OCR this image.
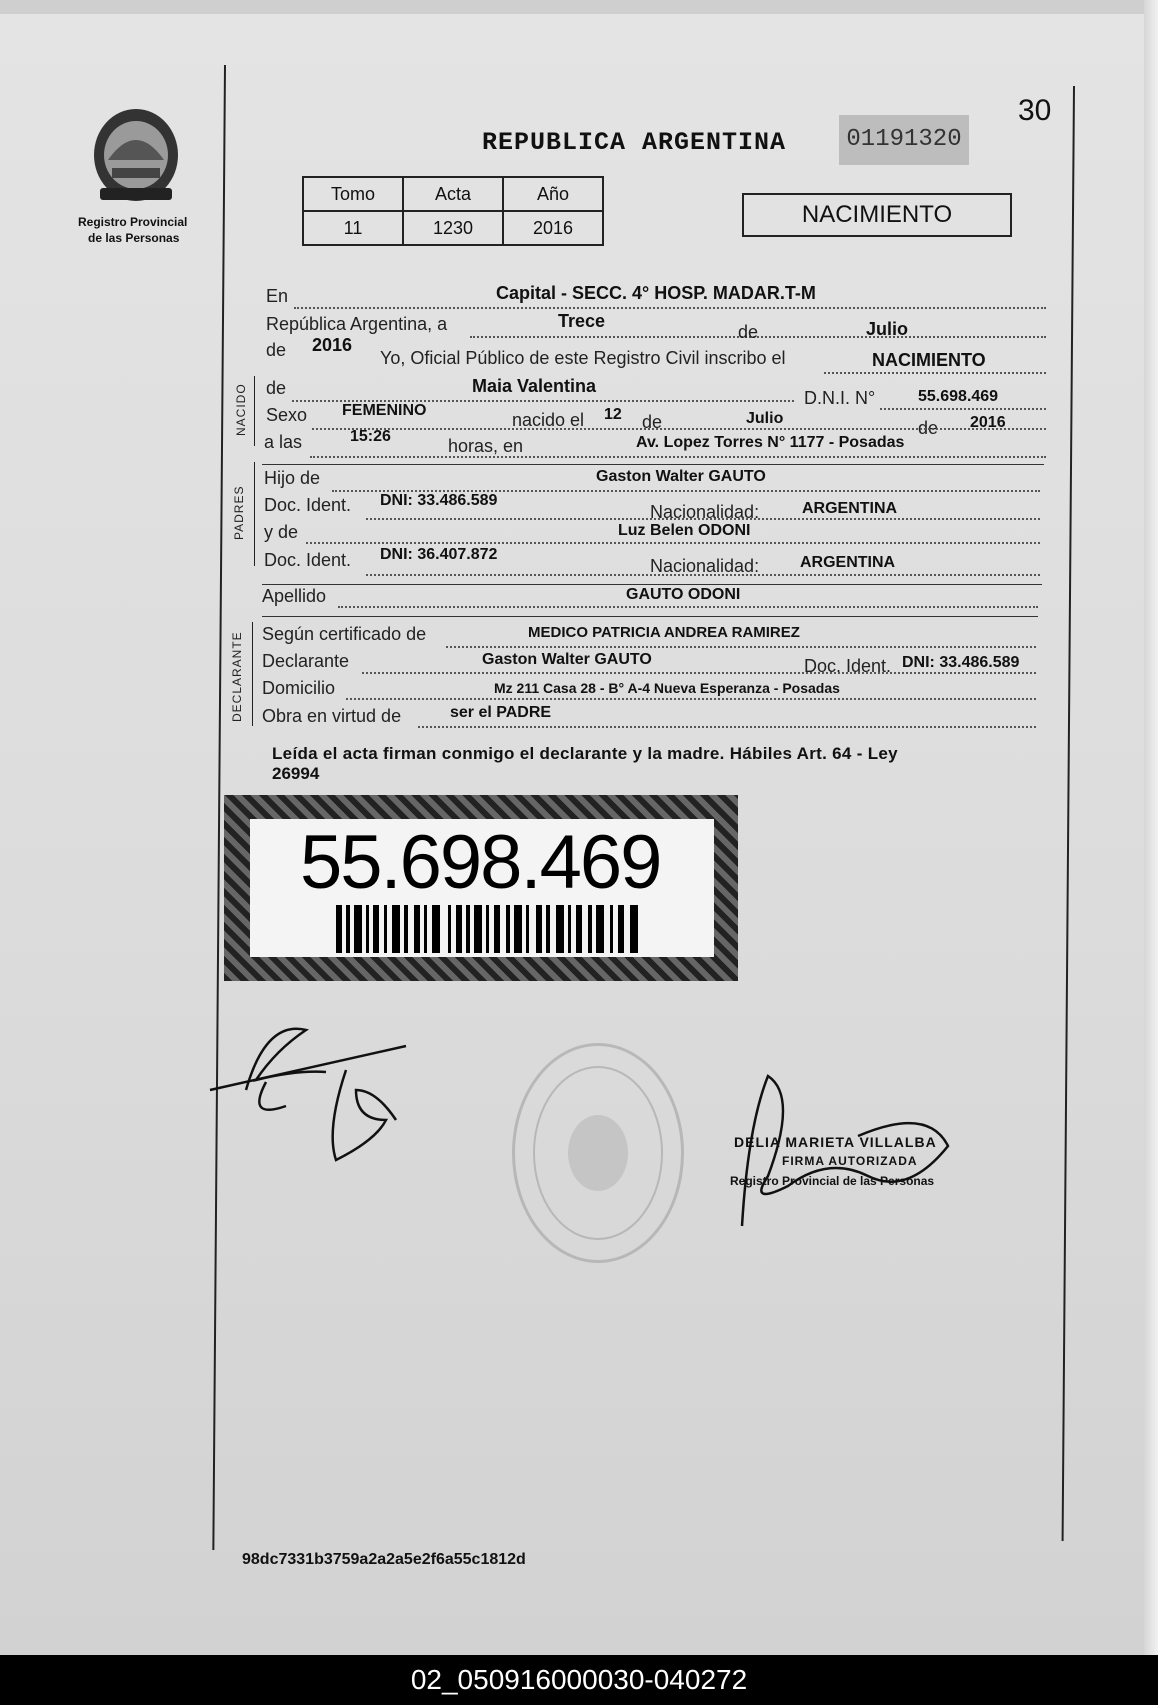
Registro Provincial
de las Personas
REPUBLICA ARGENTINA	01191320
30
Tomo	Acta	Año
11	1230	2016	NACIMIENTO
En	Capital - SECC. 4° HOSP. MADAR.T-M
República Argentina, a	Trece
de	Julio
de 2016
Yo, Oficial Público de este Registro Civil inscribo el	NACIMIENTO
NACIDO de	Maia Valentina
D.N.I. N°	55.698.469
Sexo FEMENINO	nacido el 12 de	Julio	de 2016
a las	15:26	horas, en	Av. Lopez Torres N° 1177 - Posadas
PADRES
Hijo de	Gaston Walter GAUTO
Doc. Ident. DNI: 33.486.589
Nacionalidad:	ARGENTINA
y de	Luz Belen ODONI
Doc. Ident. DNI: 36.407.872
Nacionalidad:	ARGENTINA
Apellido	GAUTO ODONI
DECLARANTE Según certificado de	MEDICO PATRICIA ANDREA RAMIREZ
Declarante	Gaston Walter GAUTO	Doc. Ident. DNI: 33.486.589
Domicilio	Mz 211 Casa 28 - B° A-4 Nueva Esperanza - Posadas
Obra en virtud de	ser el PADRE
Leída el acta firman conmigo el declarante y la madre. Hábiles Art. 64 - Ley
26994
55.698.469
DELIA MARIETA VILLALBA
FIRMA AUTORIZADA
Registro Provincial de las Personas
98dc7331b3759a2a2a5e2f6a55c1812d
02_050916000030-040272
